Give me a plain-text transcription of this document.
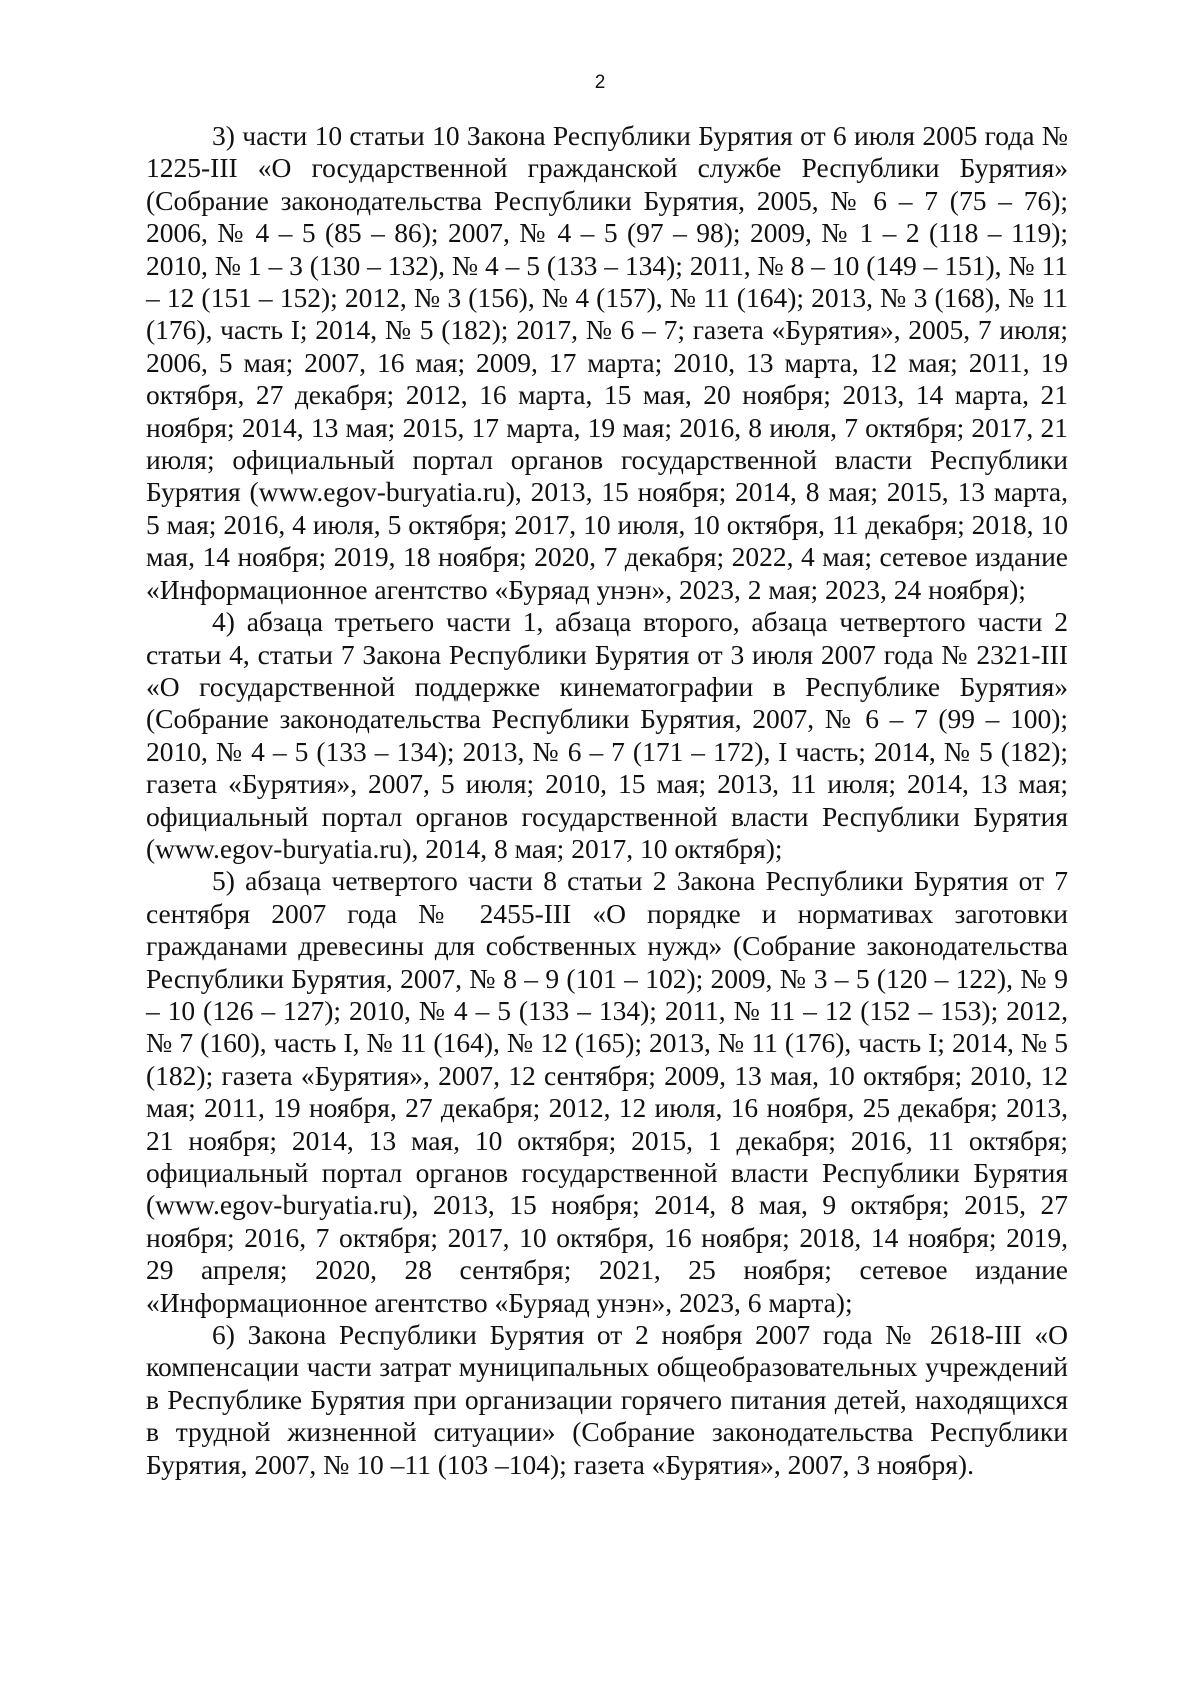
2

3) части 10 статьи 10 Закона Республики Бурятия от 6 июля 2005 года № 1225-III «О государственной гражданской службе Республики Бурятия» (Собрание законодательства Республики Бурятия, 2005, № 6 – 7 (75 – 76); 2006, № 4 – 5 (85 – 86); 2007, № 4 – 5 (97 – 98); 2009, № 1 – 2 (118 – 119); 2010, № 1 – 3 (130 – 132), № 4 – 5 (133 – 134); 2011, № 8 – 10 (149 – 151), № 11 – 12 (151 – 152); 2012, № 3 (156), № 4 (157), № 11 (164); 2013, № 3 (168), № 11 (176), часть I; 2014, № 5 (182); 2017, № 6 – 7; газета «Бурятия», 2005, 7 июля; 2006, 5 мая; 2007, 16 мая; 2009, 17 марта; 2010, 13 марта, 12 мая; 2011, 19 октября, 27 декабря; 2012, 16 марта, 15 мая, 20 ноября; 2013, 14 марта, 21 ноября; 2014, 13 мая; 2015, 17 марта, 19 мая; 2016, 8 июля, 7 октября; 2017, 21 июля; официальный портал органов государственной власти Республики Бурятия (www.egov-buryatia.ru), 2013, 15 ноября; 2014, 8 мая; 2015, 13 марта, 5 мая; 2016, 4 июля, 5 октября; 2017, 10 июля, 10 октября, 11 декабря; 2018, 10 мая, 14 ноября; 2019, 18 ноября; 2020, 7 декабря; 2022, 4 мая; сетевое издание «Информационное агентство «Буряад унэн», 2023, 2 мая; 2023, 24 ноября);

4) абзаца третьего части 1, абзаца второго, абзаца четвертого части 2 статьи 4, статьи 7 Закона Республики Бурятия от 3 июля 2007 года № 2321-III «О государственной поддержке кинематографии в Республике Бурятия» (Собрание законодательства Республики Бурятия, 2007, № 6 – 7 (99 – 100); 2010, № 4 – 5 (133 – 134); 2013, № 6 – 7 (171 – 172), I часть; 2014, № 5 (182); газета «Бурятия», 2007, 5 июля; 2010, 15 мая; 2013, 11 июля; 2014, 13 мая; официальный портал органов государственной власти Республики Бурятия (www.egov-buryatia.ru), 2014, 8 мая; 2017, 10 октября);

5) абзаца четвертого части 8 статьи 2 Закона Республики Бурятия от 7 сентября 2007 года № 2455-III «О порядке и нормативах заготовки гражданами древесины для собственных нужд» (Собрание законодательства Республики Бурятия, 2007, № 8 – 9 (101 – 102); 2009, № 3 – 5 (120 – 122), № 9 – 10 (126 – 127); 2010, № 4 – 5 (133 – 134); 2011, № 11 – 12 (152 – 153); 2012, № 7 (160), часть I, № 11 (164), № 12 (165); 2013, № 11 (176), часть I; 2014, № 5 (182); газета «Бурятия», 2007, 12 сентября; 2009, 13 мая, 10 октября; 2010, 12 мая; 2011, 19 ноября, 27 декабря; 2012, 12 июля, 16 ноября, 25 декабря; 2013, 21 ноября; 2014, 13 мая, 10 октября; 2015, 1 декабря; 2016, 11 октября; официальный портал органов государственной власти Республики Бурятия (www.egov-buryatia.ru), 2013, 15 ноября; 2014, 8 мая, 9 октября; 2015, 27 ноября; 2016, 7 октября; 2017, 10 октября, 16 ноября; 2018, 14 ноября; 2019, 29 апреля; 2020, 28 сентября; 2021, 25 ноября; сетевое издание «Информационное агентство «Буряад унэн», 2023, 6 марта);

6) Закона Республики Бурятия от 2 ноября 2007 года № 2618-III «О компенсации части затрат муниципальных общеобразовательных учреждений в Республике Бурятия при организации горячего питания детей, находящихся в трудной жизненной ситуации» (Собрание законодательства Республики Бурятия, 2007, № 10 –11 (103 –104); газета «Бурятия», 2007, 3 ноября).
